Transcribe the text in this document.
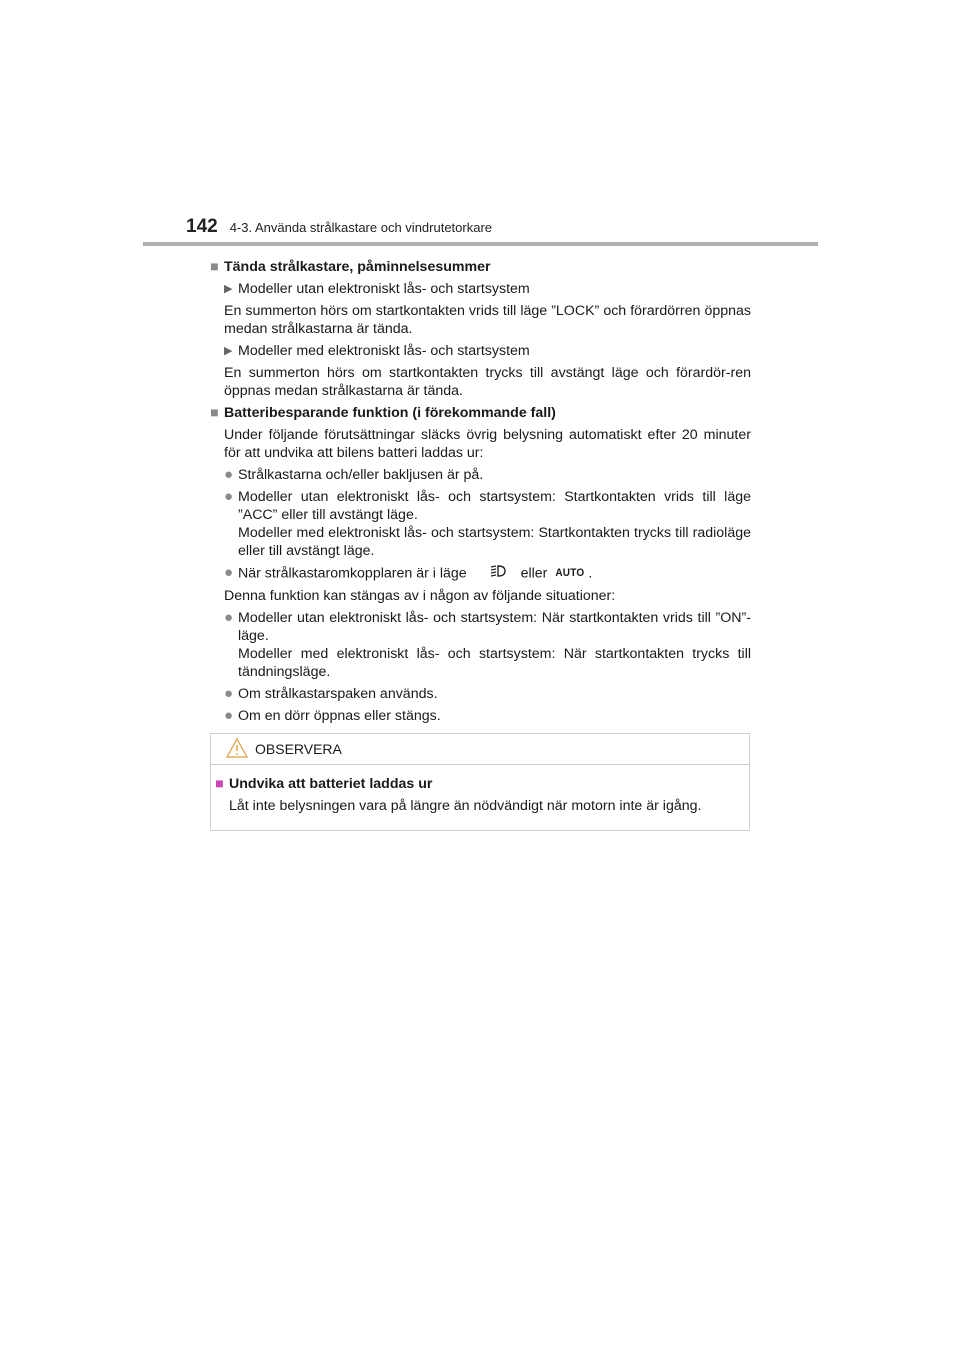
142 4-3. Använda strålkastare och vindrutetorkare
■ Tända strålkastare, påminnelsesummer
▶ Modeller utan elektroniskt lås- och startsystem
En summerton hörs om startkontakten vrids till läge ”LOCK” och förardörren öppnas medan strålkastarna är tända.
▶ Modeller med elektroniskt lås- och startsystem
En summerton hörs om startkontakten trycks till avstängt läge och förardör-ren öppnas medan strålkastarna är tända.
■ Batteribesparande funktion (i förekommande fall)
Under följande förutsättningar släcks övrig belysning automatiskt efter 20 minuter för att undvika att bilens batteri laddas ur:
● Strålkastarna och/eller bakljusen är på.
● Modeller utan elektroniskt lås- och startsystem: Startkontakten vrids till läge ”ACC” eller till avstängt läge.
Modeller med elektroniskt lås- och startsystem: Startkontakten trycks till radioläge eller till avstängt läge.
● När strålkastaromkopplaren är i läge	eller AUTO .
Denna funktion kan stängas av i någon av följande situationer:
● Modeller utan elektroniskt lås- och startsystem: När startkontakten vrids till ”ON”-läge.
Modeller med elektroniskt lås- och startsystem: När startkontakten trycks till tändningsläge.
● Om strålkastarspaken används.
● Om en dörr öppnas eller stängs.
OBSERVERA
■ Undvika att batteriet laddas ur
Låt inte belysningen vara på längre än nödvändigt när motorn inte är igång.
